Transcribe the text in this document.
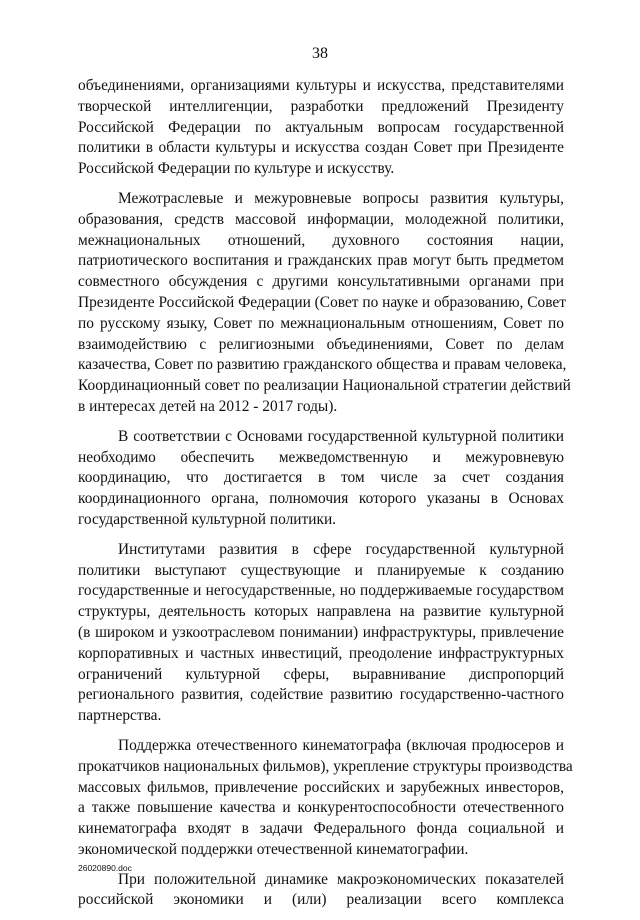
38

объединениями, организациями культуры и искусства, представителями
творческой интеллигенции, разработки предложений Президенту
Российской Федерации по актуальным вопросам государственной
политики в области культуры и искусства создан Совет при Президенте
Российской Федерации по культуре и искусству.

Межотраслевые и межуровневые вопросы развития культуры,
образования, средств массовой информации, молодежной политики,
межнациональных отношений, духовного состояния нации,
патриотического воспитания и гражданских прав могут быть предметом
совместного обсуждения с другими консультативными органами при
Президенте Российской Федерации (Совет по науке и образованию, Совет
по русскому языку, Совет по межнациональным отношениям, Совет по
взаимодействию с религиозными объединениями, Совет по делам
казачества, Совет по развитию гражданского общества и правам человека,
Координационный совет по реализации Национальной стратегии действий
в интересах детей на 2012 - 2017 годы).

В соответствии с Основами государственной культурной политики
необходимо обеспечить межведомственную и межуровневую
координацию, что достигается в том числе за счет создания
координационного органа, полномочия которого указаны в Основах
государственной культурной политики.

Институтами развития в сфере государственной культурной
политики выступают существующие и планируемые к созданию
государственные и негосударственные, но поддерживаемые государством
структуры, деятельность которых направлена на развитие культурной
(в широком и узкоотраслевом понимании) инфраструктуры, привлечение
корпоративных и частных инвестиций, преодоление инфраструктурных
ограничений культурной сферы, выравнивание диспропорций
регионального развития, содействие развитию государственно-частного
партнерства.

Поддержка отечественного кинематографа (включая продюсеров и
прокатчиков национальных фильмов), укрепление структуры производства
массовых фильмов, привлечение российских и зарубежных инвесторов,
а также повышение качества и конкурентоспособности отечественного
кинематографа входят в задачи Федерального фонда социальной и
экономической поддержки отечественной кинематографии.

При положительной динамике макроэкономических показателей
российской экономики и (или) реализации всего комплекса

26020890.doc
